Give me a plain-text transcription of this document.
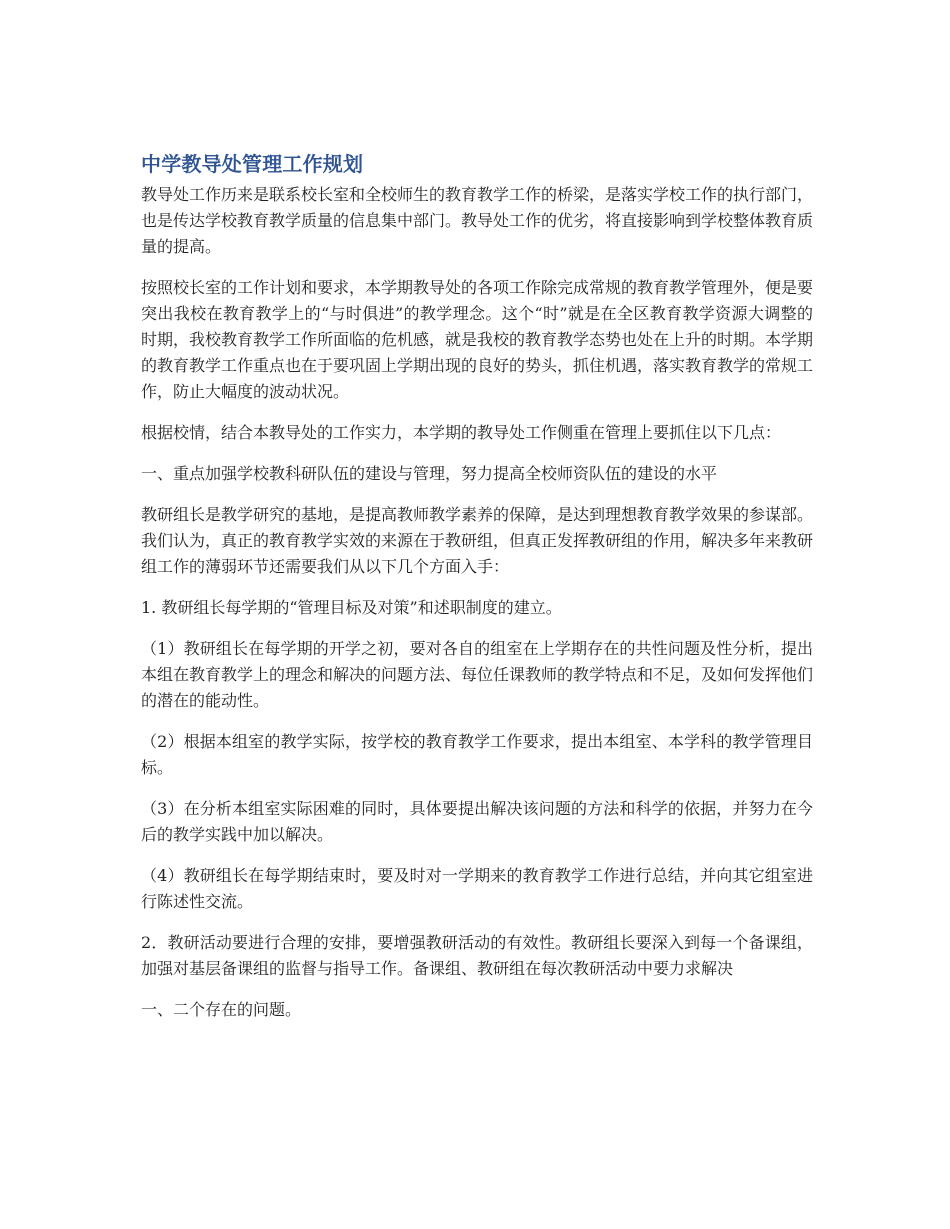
中学教导处管理工作规划

教导处工作历来是联系校长室和全校师生的教育教学工作的桥梁，是落实学校工作的执行部门，也是传达学校教育教学质量的信息集中部门。教导处工作的优劣，将直接影响到学校整体教育质量的提高。

按照校长室的工作计划和要求，本学期教导处的各项工作除完成常规的教育教学管理外，便是要突出我校在教育教学上的“与时俱进”的教学理念。这个“时”就是在全区教育教学资源大调整的时期，我校教育教学工作所面临的危机感，就是我校的教育教学态势也处在上升的时期。本学期的教育教学工作重点也在于要巩固上学期出现的良好的势头，抓住机遇，落实教育教学的常规工作，防止大幅度的波动状况。

根据校情，结合本教导处的工作实力，本学期的教导处工作侧重在管理上要抓住以下几点：

一、重点加强学校教科研队伍的建设与管理，努力提高全校师资队伍的建设的水平

教研组长是教学研究的基地，是提高教师教学素养的保障，是达到理想教育教学效果的参谋部。我们认为，真正的教育教学实效的来源在于教研组，但真正发挥教研组的作用，解决多年来教研组工作的薄弱环节还需要我们从以下几个方面入手：

1. 教研组长每学期的“管理目标及对策”和述职制度的建立。

（1）教研组长在每学期的开学之初，要对各自的组室在上学期存在的共性问题及性分析，提出本组在教育教学上的理念和解决的问题方法、每位任课教师的教学特点和不足，及如何发挥他们的潜在的能动性。

（2）根据本组室的教学实际，按学校的教育教学工作要求，提出本组室、本学科的教学管理目标。

（3）在分析本组室实际困难的同时，具体要提出解决该问题的方法和科学的依据，并努力在今后的教学实践中加以解决。

（4）教研组长在每学期结束时，要及时对一学期来的教育教学工作进行总结，并向其它组室进行陈述性交流。

2．教研活动要进行合理的安排，要增强教研活动的有效性。教研组长要深入到每一个备课组，加强对基层备课组的监督与指导工作。备课组、教研组在每次教研活动中要力求解决

一、二个存在的问题。
